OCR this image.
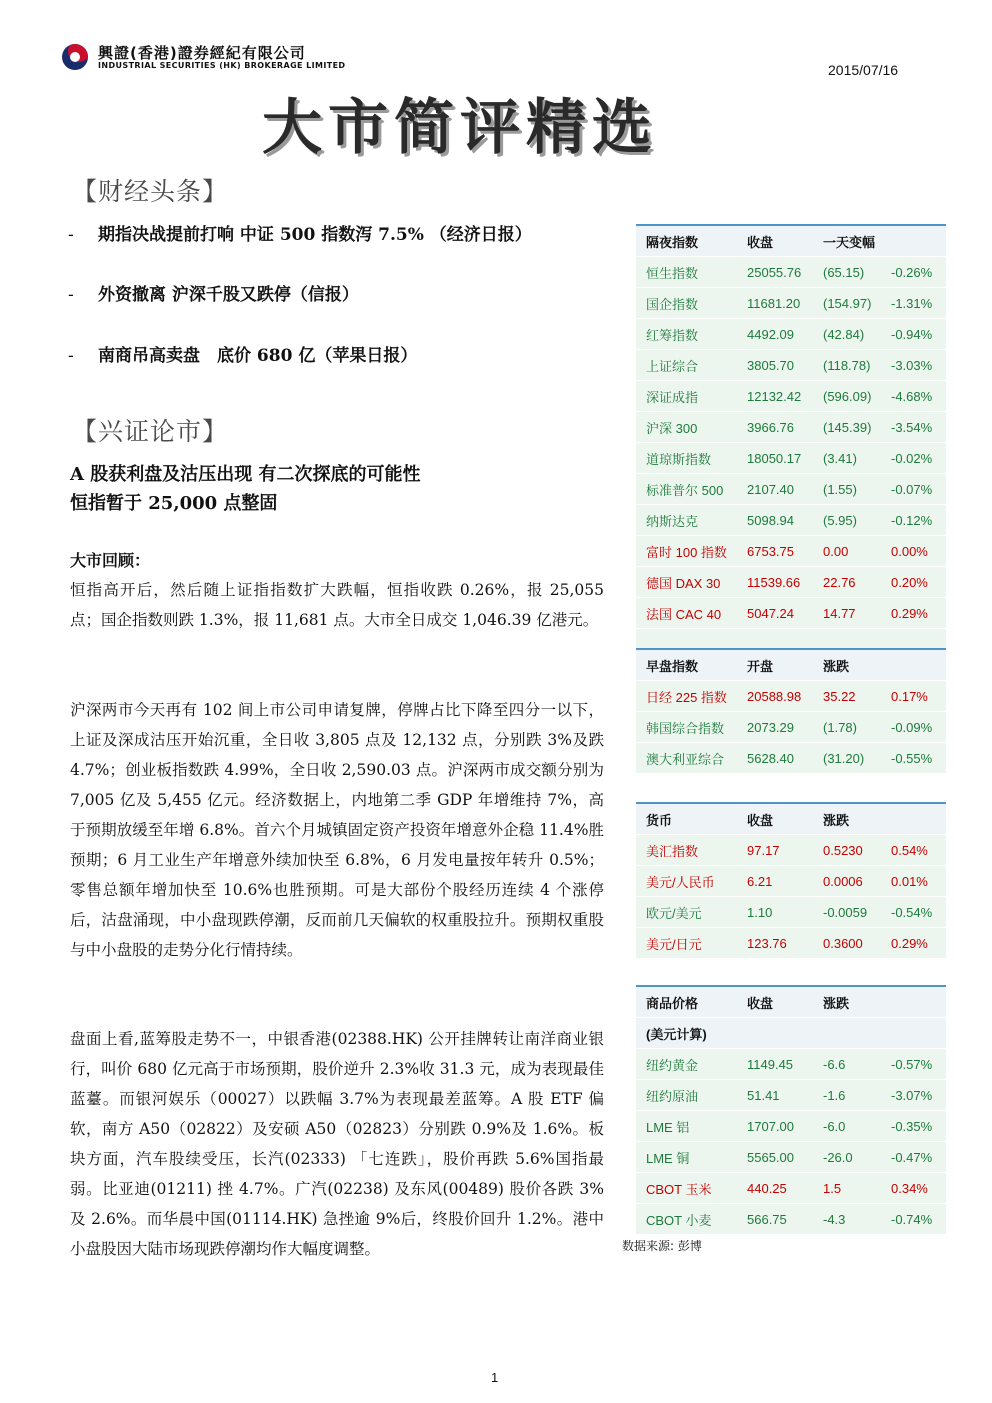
興證(香港)證券經紀有限公司
INDUSTRIAL SECURITIES (HK) BROKERAGE LIMITED	2015/07/16
大市简评精选
【财经头条】
- 期指决战提前打响 中证 500 指数泻 7.5% （经济日报）
- 外资撤离 沪深千股又跌停（信报）
- 南商吊高卖盘　底价 680 亿（苹果日报）
【兴证论市】
A 股获利盘及沽压出现 有二次探底的可能性
恒指暂于 25,000 点整固
大市回顾：
恒指高开后，然后随上证指指数扩大跌幅，恒指收跌 0.26%，报 25,055 点；国企指数则跌 1.3%，报 11,681 点。大市全日成交 1,046.39 亿港元。
沪深两市今天再有 102 间上市公司申请复牌，停牌占比下降至四分一以下，上证及深成沽压开始沉重，全日收 3,805 点及 12,132 点，分别跌 3%及跌 4.7%；创业板指数跌 4.99%，全日收 2,590.03 点。沪深两市成交额分别为 7,005 亿及 5,455 亿元。经济数据上，内地第二季 GDP 年增维持 7%，高于预期放缓至年增 6.8%。首六个月城镇固定资产投资年增意外企稳 11.4%胜预期；6 月工业生产年增意外续加快至 6.8%，6 月发电量按年转升 0.5%；零售总额年增加快至 10.6%也胜预期。可是大部份个股经历连续 4 个涨停后，沽盘涌现，中小盘现跌停潮，反而前几天偏软的权重股拉升。预期权重股与中小盘股的走势分化行情持续。
盘面上看,蓝筹股走势不一，中银香港(02388.HK) 公开挂牌转让南洋商业银行，叫价 680 亿元高于市场预期，股价逆升 2.3%收 31.3 元，成为表现最佳蓝薹。而银河娱乐（00027）以跌幅 3.7%为表现最差蓝筹。A 股 ETF 偏软，南方 A50（02822）及安硕 A50（02823）分别跌 0.9%及 1.6%。板块方面，汽车股续受压，长汽(02333) 「七连跌」，股价再跌 5.6%国指最弱。比亚迪(01211) 挫 4.7%。广汽(02238) 及东风(00489) 股价各跌 3%及 2.6%。而华晨中国(01114.HK) 急挫逾 9%后，终股价回升 1.2%。港中小盘股因大陆市场现跌停潮均作大幅度调整。
隔夜指数	收盘	一天变幅	
恒生指数	25055.76	(65.15)	-0.26%
国企指数	11681.20	(154.97)	-1.31%
红筹指数	4492.09	(42.84)	-0.94%
上证综合	3805.70	(118.78)	-3.03%
深证成指	12132.42	(596.09)	-4.68%
沪深 300	3966.76	(145.39)	-3.54%
道琼斯指数	18050.17	(3.41)	-0.02%
标准普尔 500	2107.40	(1.55)	-0.07%
纳斯达克	5098.94	(5.95)	-0.12%
富时 100 指数	6753.75	0.00	0.00%
德国 DAX 30	11539.66	22.76	0.20%
法国 CAC 40	5047.24	14.77	0.29%

早盘指数	开盘	涨跌	
日经 225 指数	20588.98	35.22	0.17%
韩国综合指数	2073.29	(1.78)	-0.09%
澳大利亚综合	5628.40	(31.20)	-0.55%
货币	收盘	涨跌	
美汇指数	97.17	0.5230	0.54%
美元/人民币	6.21	0.0006	0.01%
欧元/美元	1.10	-0.0059	-0.54%
美元/日元	123.76	0.3600	0.29%
商品价格	收盘	涨跌	
(美元计算)			
纽约黄金	1149.45	-6.6	-0.57%
纽约原油	51.41	-1.6	-3.07%
LME 铝	1707.00	-6.0	-0.35%
LME 铜	5565.00	-26.0	-0.47%
CBOT 玉米	440.25	1.5	0.34%
CBOT 小麦	566.75	-4.3	-0.74%
数据来源: 彭博
1
